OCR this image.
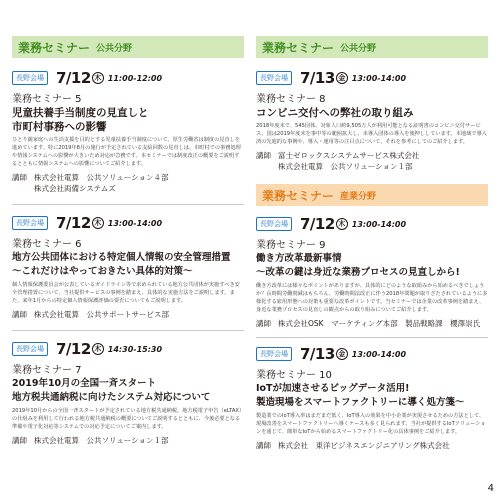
業務セミナー 公共分野
長野会場 7/12 木 11:00-12:00
業務セミナー 5
児童扶養手当制度の見直しと
市町村事務への影響
ひとり親家庭への生活支援を目的とする児童扶養手当制度について、厚生労働省は制度の見直しを進めています。特に2019年8月の施行が予定されている支給回数の見直しは、市町村での事務処理や情報システムへの影響が大きいため対応が急務です。本セミナーでは制度改正の概要をご説明するとともに情報システムへの影響についてご紹介します。
講師 株式会社電算　公共ソリューション４部
株式会社両備システムズ
長野会場 7/12 木 13:00-14:00
業務セミナー 6
地方公共団体における特定個人情報の安全管理措置
〜これだけはやっておきたい具体的対策〜
個人情報保護委員会が公表しているガイドライン等で求められている地方公共団体が実施すべき安全管理措置について、当社提供サービスの事例を踏まえ、具体的な実施方法をご説明します。また、来年1月からの特定個人情報保護評価の要否についてもご説明します。
講師 株式会社電算　公共サポートサービス部
長野会場 7/12 木 14:30-15:30
業務セミナー 7
2019年10月の全国一斉スタート
地方税共通納税に向けたシステム対応について
2019年10月からの全国一斉スタートが予定されている地方税共通納税。地方税電子申告（eLTAX）の仕組みを利用して行われる地方税共通納税の概要についてご説明するとともに、今後必要となる準備や電子化対応等システムでの対応予定についてご案内します。
講師 株式会社電算　公共ソリューション１部
業務セミナー 公共分野
長野会場 7/13 金 13:00-14:00
業務セミナー 8
コンビニ交付への弊社の取り組み
2018年度末で、545団体、対象人口約9,505万人が利用可能となる証明書のコンビニ交付サービス。国は2019年度末を事中等の範囲拡大し、未導入団体の導入を後押ししています。本地域で導入済の先進的な事例や、導入・運用等の注目点について、それを参考にしてのご紹介します。
講師 富士ゼロックスシステムサービス株式会社
株式会社電算　公共ソリューション１部
業務セミナー 産業分野
長野会場 7/12 木 13:00-14:00
業務セミナー 9
働き方改革最新事情
〜改革の鍵は身近な業務プロセスの見直しから!
働き方改革には様々なポイントがありますが、具体的にどのような取組みから始めるべきでしょうか？長時間労働削減はもちろん、労働時間法改正に伴う2018年問題が取りざたされているように多様化する雇用形態への対策も重要な改革ポイントです。当セミナーでは企業の改革事例を踏まえ、身近な業務プロセスの見直しの観点からの取り組みについてご紹介します。
講師 株式会社OSK　マーケティング本部　製品戦略課　櫻澤崇氏
長野会場 7/13 金 13:00-14:00
業務セミナー 10
IoTが加速させるビッグデータ活用!
製造現場をスマートファクトリーに導く処方箋〜
製造業でのIoT導入率はまだまだ低く、IoT導入の効果を中小企業が実現させるための方法として、現場改善をスマートファクトリーへ導くケースも多く見られます。当社が提供するIoTソリューションを通じて、簡単なIoTから始めるスマートファクトリー化の具体事例をご紹介します。
講師 株式会社　東洋ビジネスエンジニアリング株式会社
4
